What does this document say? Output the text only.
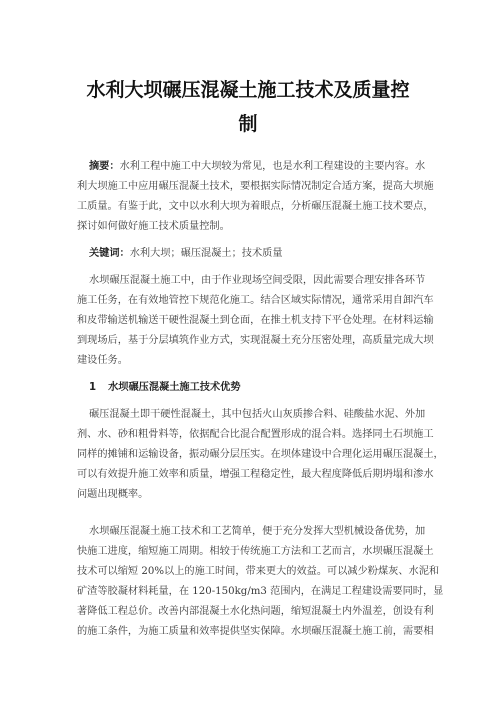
水利大坝碾压混凝土施工技术及质量控
制
摘要：水利工程中施工中大坝较为常见，也是水利工程建设的主要内容。水
利大坝施工中应用碾压混凝土技术，要根据实际情况制定合适方案，提高大坝施
工质量。有鉴于此，文中以水利大坝为着眼点，分析碾压混凝土施工技术要点，
探讨如何做好施工技术质量控制。
关键词：水利大坝；碾压混凝土；技术质量
水坝碾压混凝土施工中，由于作业现场空间受限，因此需要合理安排各环节
施工任务，在有效地管控下规范化施工。结合区域实际情况，通常采用自卸汽车
和皮带输送机输送干硬性混凝土到仓面，在推土机支持下平仓处理。在材料运输
到现场后，基于分层填筑作业方式，实现混凝土充分压密处理，高质量完成大坝
建设任务。
1 水坝碾压混凝土施工技术优势
碾压混凝土即干硬性混凝土，其中包括火山灰质掺合料、硅酸盐水泥、外加
剂、水、砂和粗骨料等，依据配合比混合配置形成的混合料。选择同土石坝施工
同样的摊铺和运输设备，振动碾分层压实。在坝体建设中合理化运用碾压混凝土，
可以有效提升施工效率和质量，增强工程稳定性，最大程度降低后期坍塌和渗水
问题出现概率。
水坝碾压混凝土施工技术和工艺简单，便于充分发挥大型机械设备优势，加
快施工进度，缩短施工周期。相较于传统施工方法和工艺而言，水坝碾压混凝土
技术可以缩短 20%以上的施工时间，带来更大的效益。可以减少粉煤灰、水泥和
矿渣等胶凝材料耗量，在 120-150kg/m3 范围内，在满足工程建设需要同时，显
著降低工程总价。改善内部混凝土水化热问题，缩短混凝土内外温差，创设有利
的施工条件，为施工质量和效率提供坚实保障。水坝碾压混凝土施工前，需要相
